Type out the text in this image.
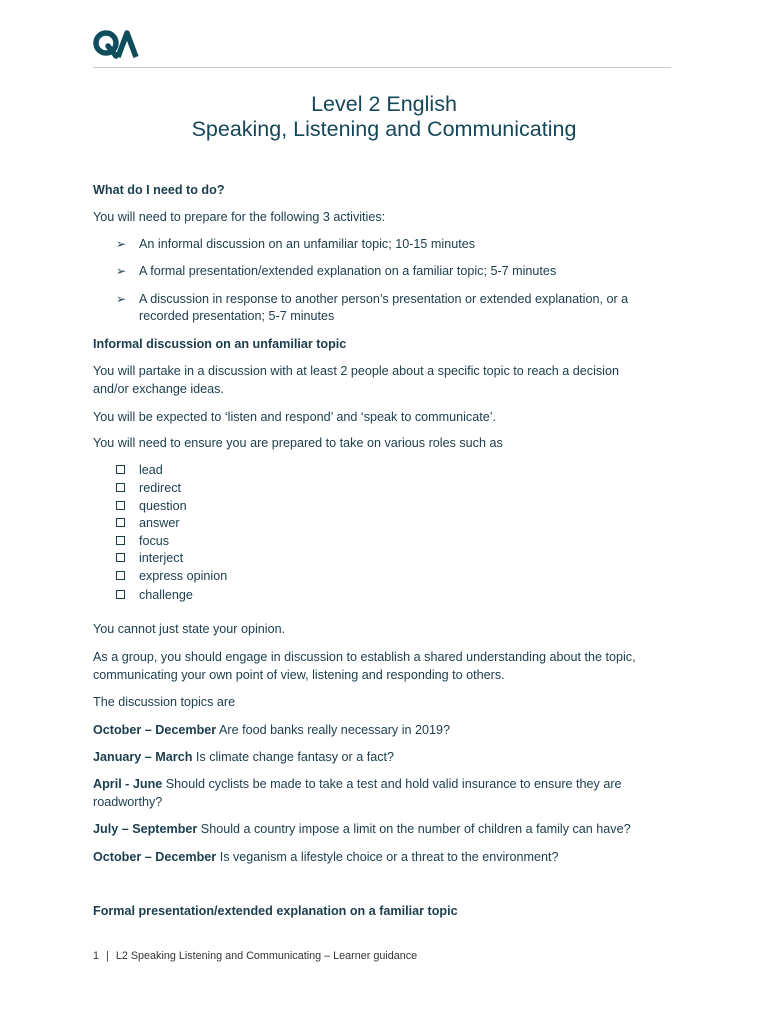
Level 2 English
Speaking, Listening and Communicating
What do I need to do?
You will need to prepare for the following 3 activities:
➢ An informal discussion on an unfamiliar topic; 10-15 minutes
➢ A formal presentation/extended explanation on a familiar topic; 5-7 minutes
➢ A discussion in response to another person’s presentation or extended explanation, or a
recorded presentation; 5-7 minutes
Informal discussion on an unfamiliar topic
You will partake in a discussion with at least 2 people about a specific topic to reach a decision
and/or exchange ideas.
You will be expected to ‘listen and respond’ and ‘speak to communicate’.
You will need to ensure you are prepared to take on various roles such as
lead
redirect
question
answer
focus
interject
express opinion
challenge
You cannot just state your opinion.
As a group, you should engage in discussion to establish a shared understanding about the topic,
communicating your own point of view, listening and responding to others.
The discussion topics are
October – December Are food banks really necessary in 2019?
January – March Is climate change fantasy or a fact?
April - June Should cyclists be made to take a test and hold valid insurance to ensure they are
roadworthy?
July – September Should a country impose a limit on the number of children a family can have?
October – December Is veganism a lifestyle choice or a threat to the environment?
Formal presentation/extended explanation on a familiar topic
1 | L2 Speaking Listening and Communicating – Learner guidance
